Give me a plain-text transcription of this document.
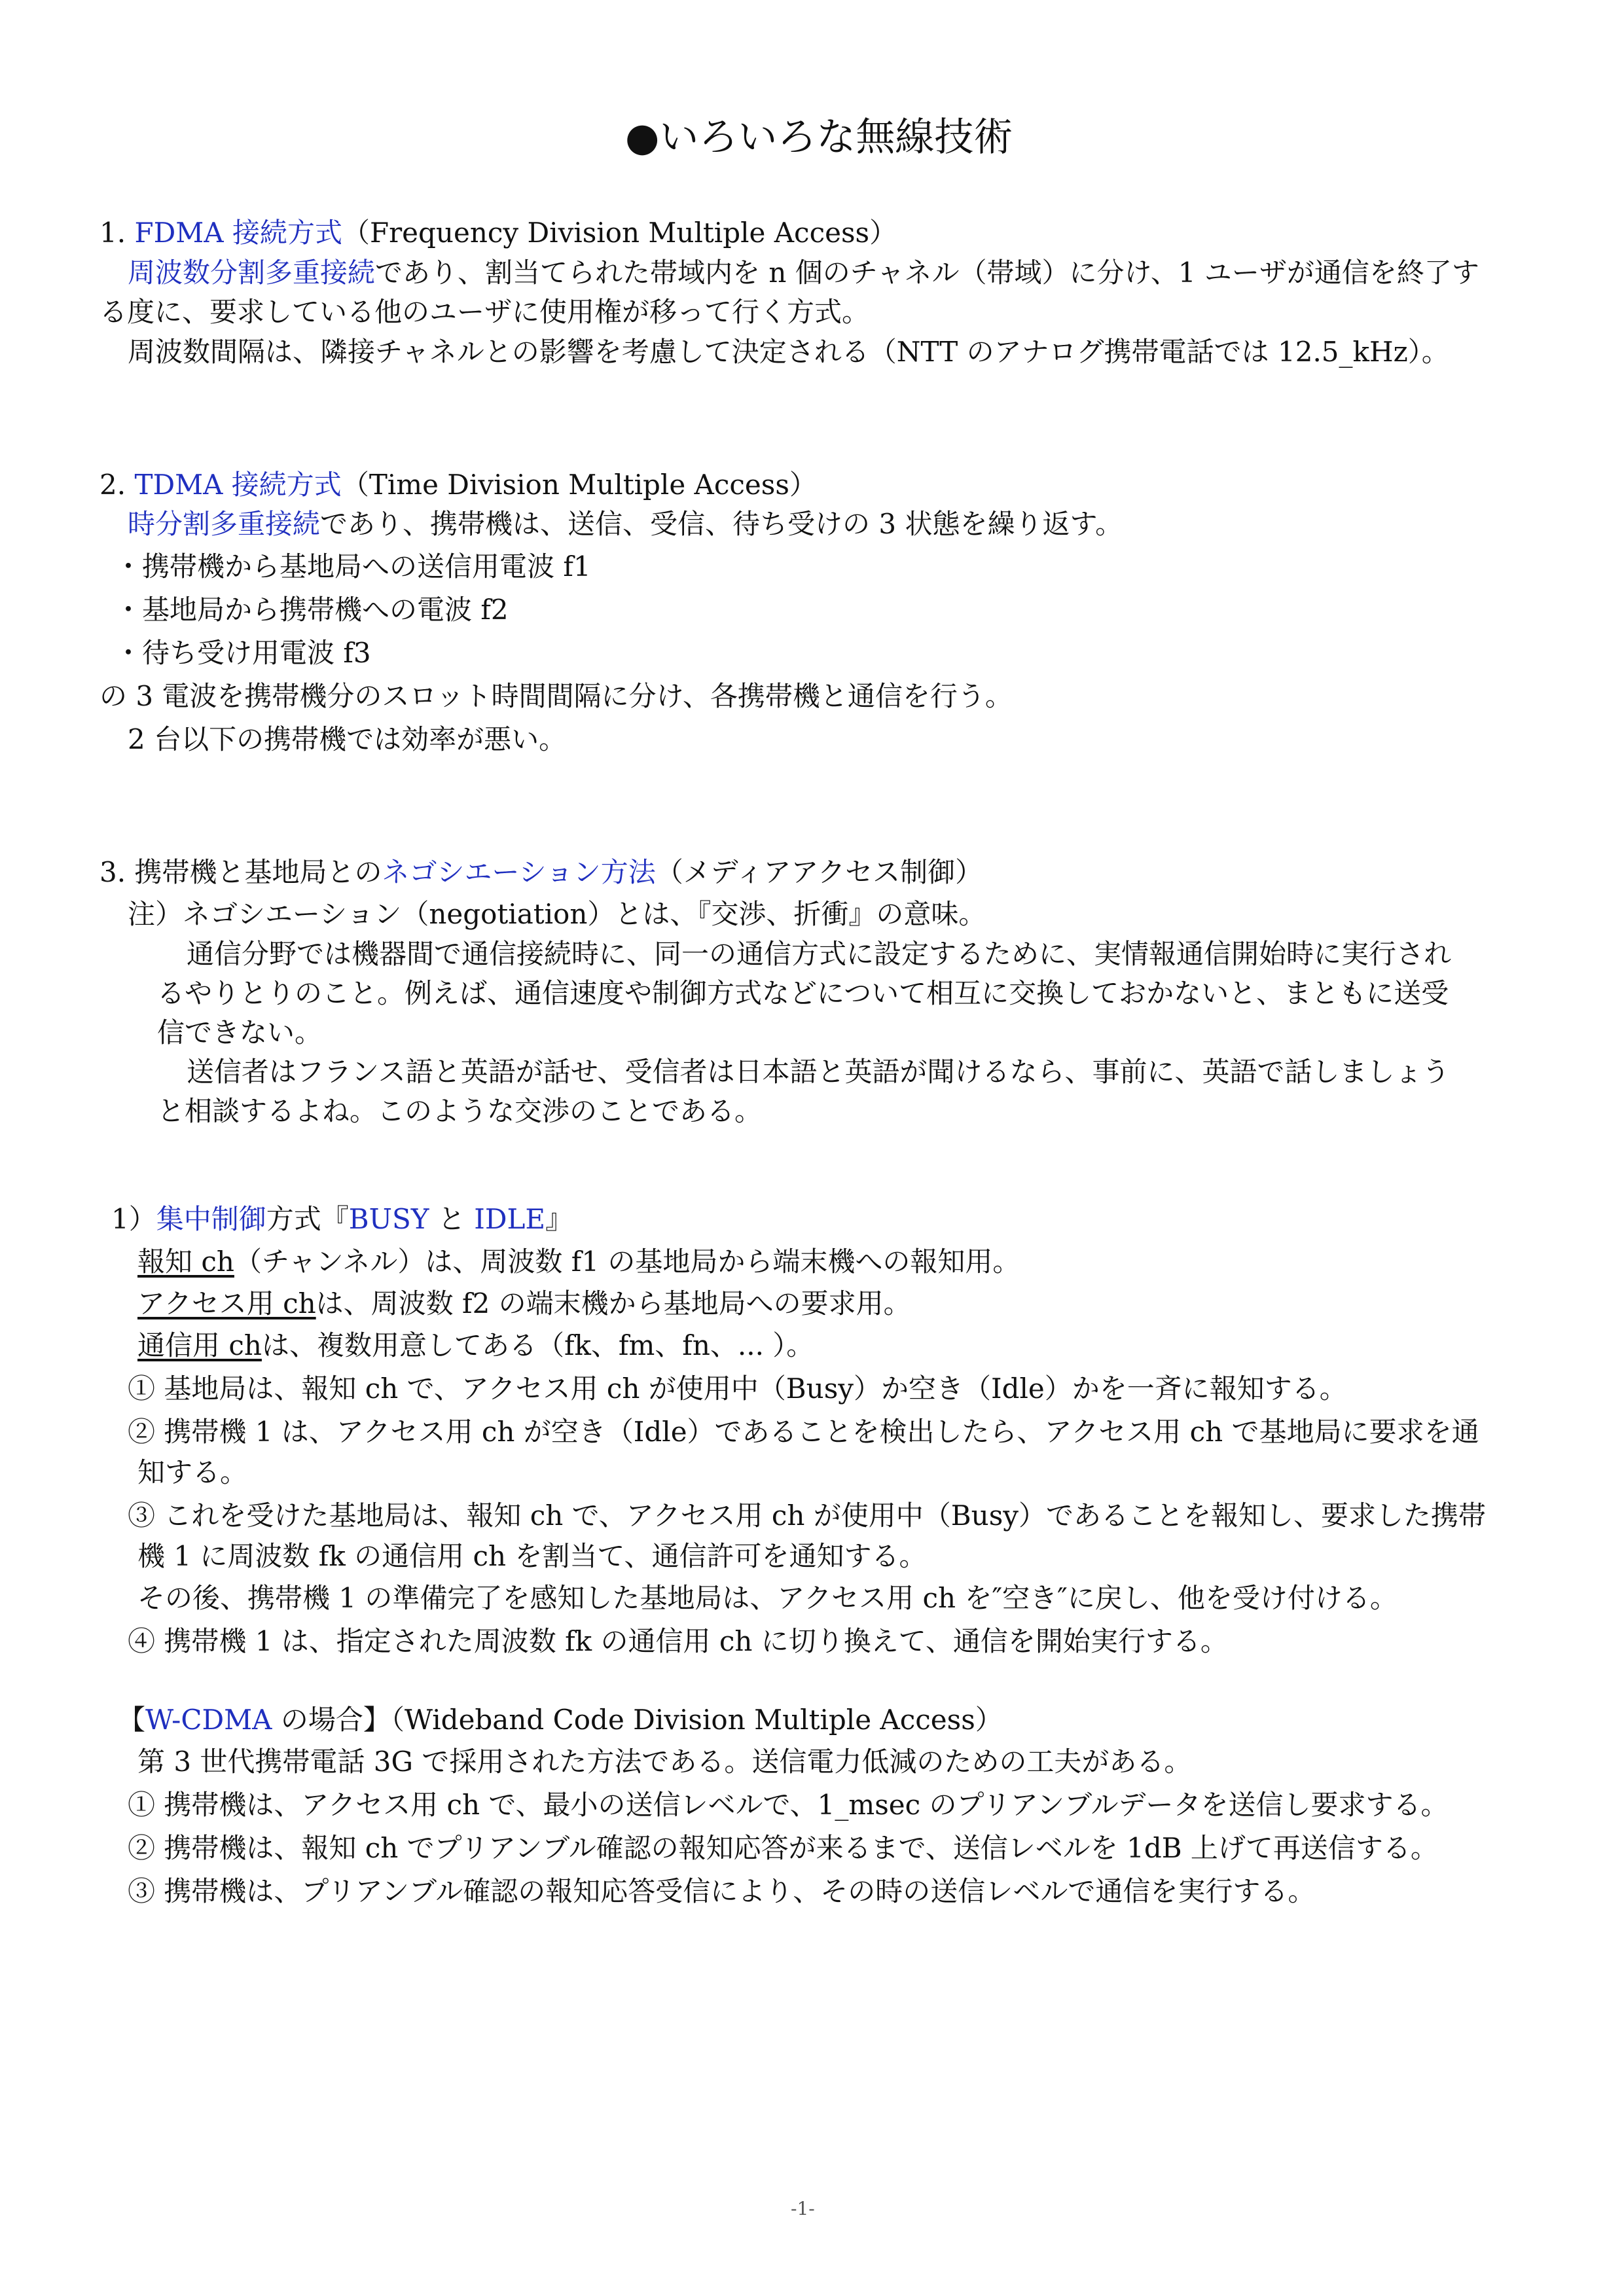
●いろいろな無線技術
1. FDMA 接続方式（Frequency Division Multiple Access）
周波数分割多重接続であり、割当てられた帯域内を n 個のチャネル（帯域）に分け、1 ユーザが通信を終了す
る度に、要求している他のユーザに使用権が移って行く方式。
周波数間隔は、隣接チャネルとの影響を考慮して決定される（NTT のアナログ携帯電話では 12.5_kHz）。
2. TDMA 接続方式（Time Division Multiple Access）
時分割多重接続であり、携帯機は、送信、受信、待ち受けの 3 状態を繰り返す。
・携帯機から基地局への送信用電波 f1
・基地局から携帯機への電波 f2
・待ち受け用電波 f3
の 3 電波を携帯機分のスロット時間間隔に分け、各携帯機と通信を行う。
2 台以下の携帯機では効率が悪い。
3. 携帯機と基地局とのネゴシエーション方法（メディアアクセス制御）
注）ネゴシエーション（negotiation）とは、『交渉、折衝』の意味。
通信分野では機器間で通信接続時に、同一の通信方式に設定するために、実情報通信開始時に実行され
るやりとりのこと。例えば、通信速度や制御方式などについて相互に交換しておかないと、まともに送受
信できない。
送信者はフランス語と英語が話せ、受信者は日本語と英語が聞けるなら、事前に、英語で話しましょう
と相談するよね。このような交渉のことである。
1）集中制御方式『BUSY と IDLE』
報知 ch（チャンネル）は、周波数 f1 の基地局から端末機への報知用。
アクセス用 chは、周波数 f2 の端末機から基地局への要求用。
通信用 chは、複数用意してある（fk、fm、fn、... ）。
① 基地局は、報知 ch で、アクセス用 ch が使用中（Busy）か空き（Idle）かを一斉に報知する。
② 携帯機 1 は、アクセス用 ch が空き（Idle）であることを検出したら、アクセス用 ch で基地局に要求を通
知する。
③ これを受けた基地局は、報知 ch で、アクセス用 ch が使用中（Busy）であることを報知し、要求した携帯
機 1 に周波数 fk の通信用 ch を割当て、通信許可を通知する。
その後、携帯機 1 の準備完了を感知した基地局は、アクセス用 ch を″空き″に戻し、他を受け付ける。
④ 携帯機 1 は、指定された周波数 fk の通信用 ch に切り換えて、通信を開始実行する。
【W-CDMA の場合】（Wideband Code Division Multiple Access）
第 3 世代携帯電話 3G で採用された方法である。送信電力低減のための工夫がある。
① 携帯機は、アクセス用 ch で、最小の送信レベルで、1_msec のプリアンブルデータを送信し要求する。
② 携帯機は、報知 ch でプリアンブル確認の報知応答が来るまで、送信レベルを 1dB 上げて再送信する。
③ 携帯機は、プリアンブル確認の報知応答受信により、その時の送信レベルで通信を実行する。
-1-
